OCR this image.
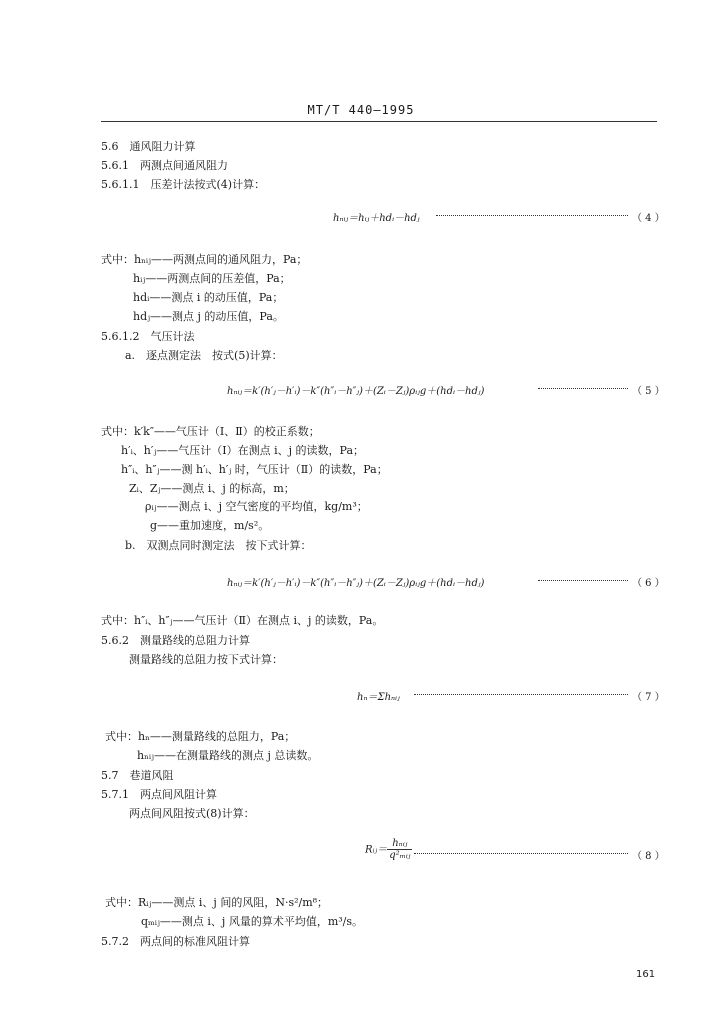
MT/T 440—1995
5.6　通风阻力计算
5.6.1　两测点间通风阻力
5.6.1.1　压差计法按式(4)计算：
hₙᵢⱼ＝hᵢⱼ＋hdᵢ－hdⱼ	（ 4 ）
式中：hₙᵢⱼ——两测点间的通风阻力，Pa；
hᵢⱼ——两测点间的压差值，Pa；
hdᵢ——测点 i 的动压值，Pa；
hdⱼ——测点 j 的动压值，Pa。
5.6.1.2　气压计法
a.　逐点测定法　按式(5)计算：
hₙᵢⱼ＝k′(h′ⱼ－h′ᵢ)－k″(h″ᵢ－h″ⱼ)＋(Zᵢ－Zⱼ)ρᵢⱼg＋(hdᵢ－hdⱼ)	（ 5 ）
式中：k′k″——气压计（Ⅰ、Ⅱ）的校正系数；
h′ᵢ、h′ⱼ——气压计（Ⅰ）在测点 i、j 的读数，Pa；
h″ᵢ、h″ⱼ——测 h′ᵢ、h′ⱼ 时，气压计（Ⅱ）的读数，Pa；
Zᵢ、Zⱼ——测点 i、j 的标高，m；
ρᵢⱼ——测点 i、j 空气密度的平均值，kg/m³；
g——重加速度，m/s²。
b.　双测点同时测定法　按下式计算：
hₙᵢⱼ＝k′(h′ⱼ－h′ᵢ)－k″(h″ᵢ－h″ⱼ)＋(Zᵢ－Zⱼ)ρᵢⱼg＋(hdᵢ－hdⱼ)	（ 6 ）
式中：h″ᵢ、h″ⱼ——气压计（Ⅱ）在测点 i、j 的读数，Pa。
5.6.2　测量路线的总阻力计算
测量路线的总阻力按下式计算：
hₙ＝Σhₙᵢⱼ	（ 7 ）
式中：hₙ——测量路线的总阻力，Pa；
hₙᵢⱼ——在测量路线的测点 j 总读数。
5.7　巷道风阻
5.7.1　两点间风阻计算
两点间风阻按式(8)计算：
Rᵢⱼ＝ $\frac{\text{hₙᵢⱼ}}{\text{q²ₘᵢⱼ}}$	（ 8 ）
式中：Rᵢⱼ——测点 i、j 间的风阻，N·s²/m⁸；
qₘᵢⱼ——测点 i、j 风量的算术平均值，m³/s。
5.7.2　两点间的标准风阻计算
161
